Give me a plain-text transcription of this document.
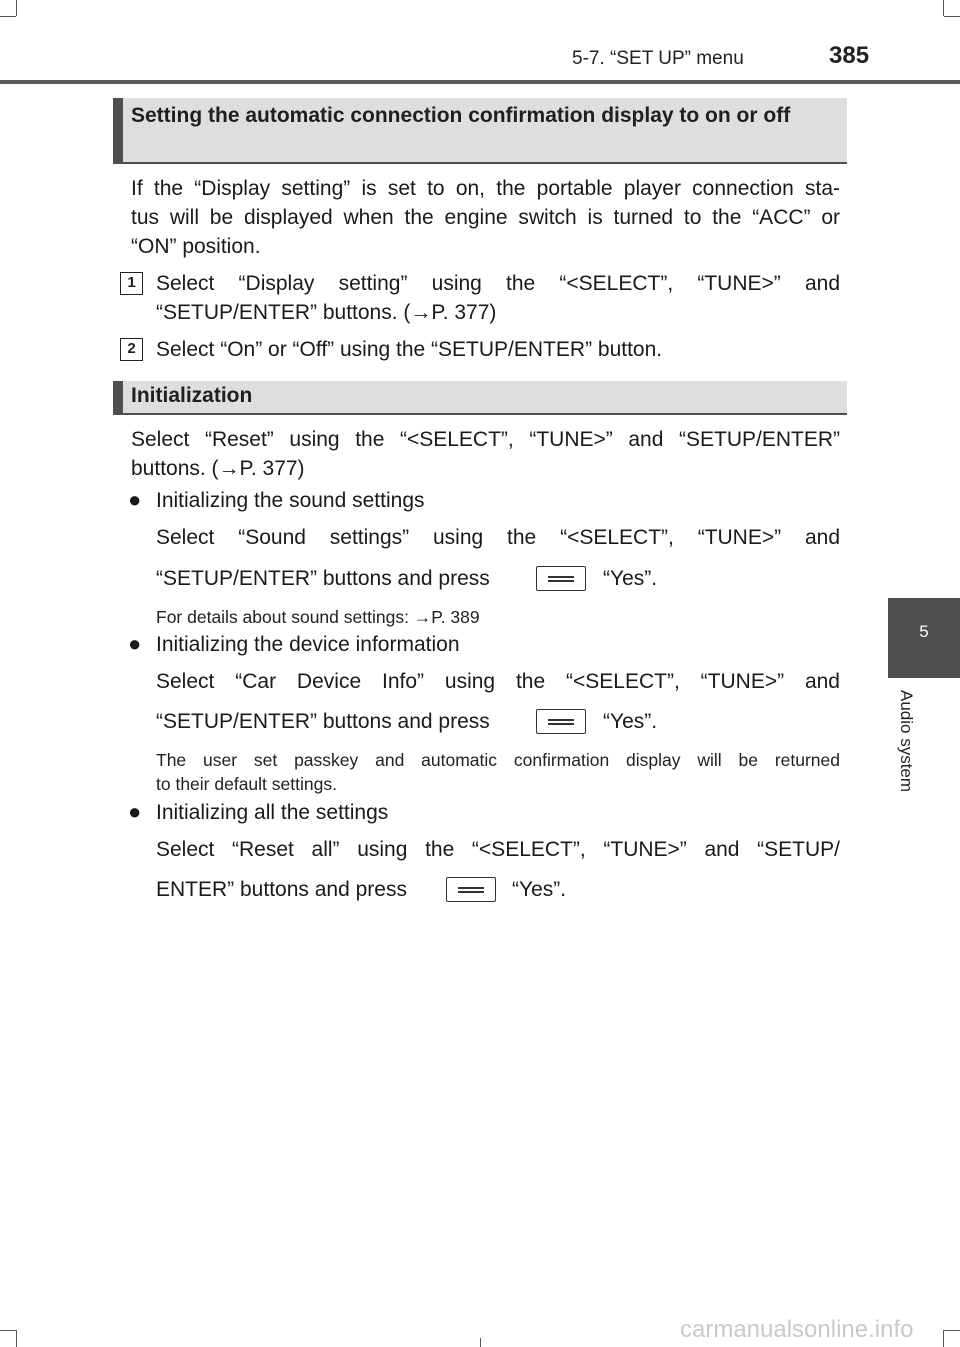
5-7. “SET UP” menu	385
5
Audio system
Setting the automatic connection confirmation display to on or off
If the “Display setting” is set to on, the portable player connection sta-
tus will be displayed when the engine switch is turned to the “ACC” or
“ON” position.
1 Select “Display setting” using the “<SELECT”, “TUNE>” and
“SETUP/ENTER” buttons. (→P. 377)
2 Select “On” or “Off” using the “SETUP/ENTER” button.
Initialization
Select “Reset” using the “<SELECT”, “TUNE>” and “SETUP/ENTER”
buttons. (→P. 377)
● Initializing the sound settings
Select “Sound settings” using the “<SELECT”, “TUNE>” and
“SETUP/ENTER” buttons and press	“Yes”.
For details about sound settings: →P. 389
● Initializing the device information
Select “Car Device Info” using the “<SELECT”, “TUNE>” and
“SETUP/ENTER” buttons and press	“Yes”.
The user set passkey and automatic confirmation display will be returned
to their default settings.
● Initializing all the settings
Select “Reset all” using the “<SELECT”, “TUNE>” and “SETUP/
ENTER” buttons and press	“Yes”.
carmanualsonline.info
